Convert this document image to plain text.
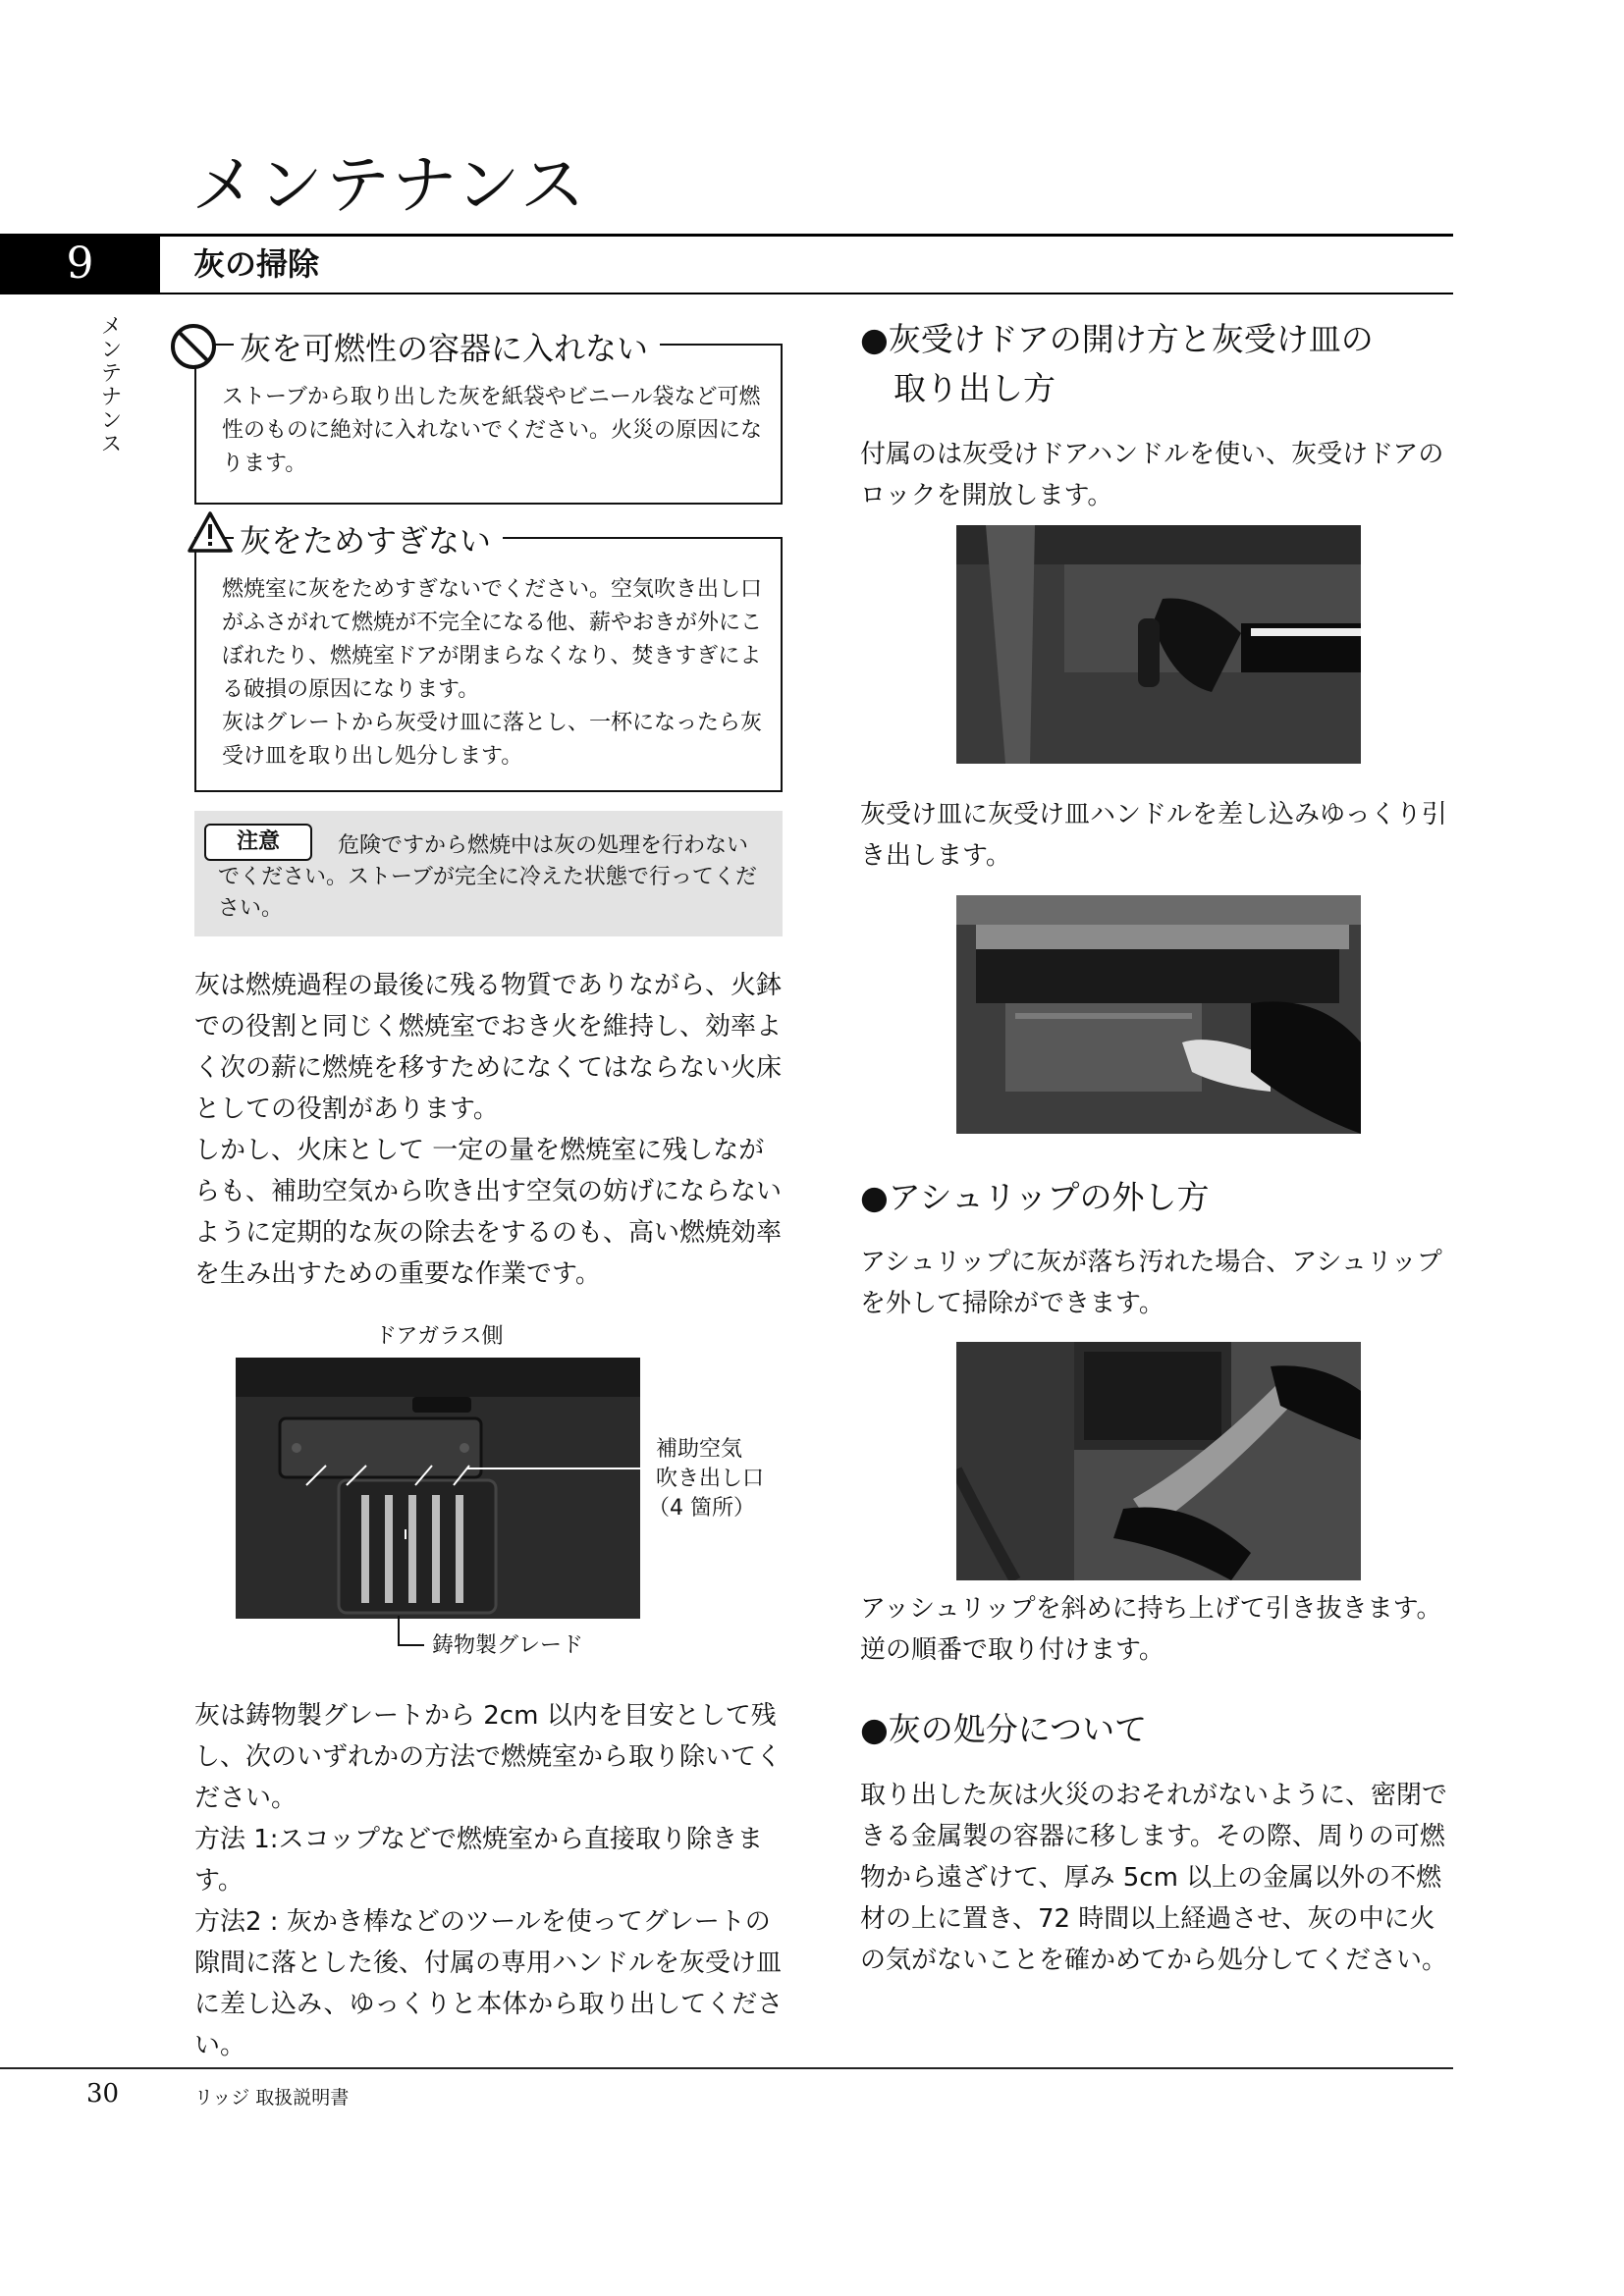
メンテナンス
9	灰の掃除
メンテナンス	灰を可燃性の容器に入れない
ストーブから取り出した灰を紙袋やビニール袋など可燃性のものに絶対に入れないでください。火災の原因になります。
灰をためすぎない
燃焼室に灰をためすぎないでください。空気吹き出し口がふさがれて燃焼が不完全になる他、薪やおきが外にこぼれたり、燃焼室ドアが閉まらなくなり、焚きすぎによる破損の原因になります。
灰はグレートから灰受け皿に落とし、一杯になったら灰受け皿を取り出し処分します。
注意	危険ですから燃焼中は灰の処理を行わないでください。ストーブが完全に冷えた状態で行ってください。
灰は燃焼過程の最後に残る物質でありながら、火鉢での役割と同じく燃焼室でおき火を維持し、効率よく次の薪に燃焼を移すためになくてはならない火床としての役割があります。
しかし、火床として 一定の量を燃焼室に残しながらも、補助空気から吹き出す空気の妨げにならないように定期的な灰の除去をするのも、高い燃焼効率を生み出すための重要な作業です。
ドアガラス側
補助空気
吹き出し口
（4 箇所）
鋳物製グレード
灰は鋳物製グレートから 2cm 以内を目安として残し、次のいずれかの方法で燃焼室から取り除いてください。
方法 1:スコップなどで燃焼室から直接取り除きます。
方法2 : 灰かき棒などのツールを使ってグレートの隙間に落とした後、付属の専用ハンドルを灰受け皿に差し込み、ゆっくりと本体から取り出してください。
●灰受けドアの開け方と灰受け皿の
取り出し方
付属のは灰受けドアハンドルを使い、灰受けドアのロックを開放します。
灰受け皿に灰受け皿ハンドルを差し込みゆっくり引き出します。
●アシュリップの外し方
アシュリップに灰が落ち汚れた場合、アシュリップを外して掃除ができます。
アッシュリップを斜めに持ち上げて引き抜きます。逆の順番で取り付けます。
●灰の処分について
取り出した灰は火災のおそれがないように、密閉できる金属製の容器に移します。その際、周りの可燃物から遠ざけて、厚み 5cm 以上の金属以外の不燃材の上に置き、72 時間以上経過させ、灰の中に火の気がないことを確かめてから処分してください。
30	リッジ 取扱説明書
